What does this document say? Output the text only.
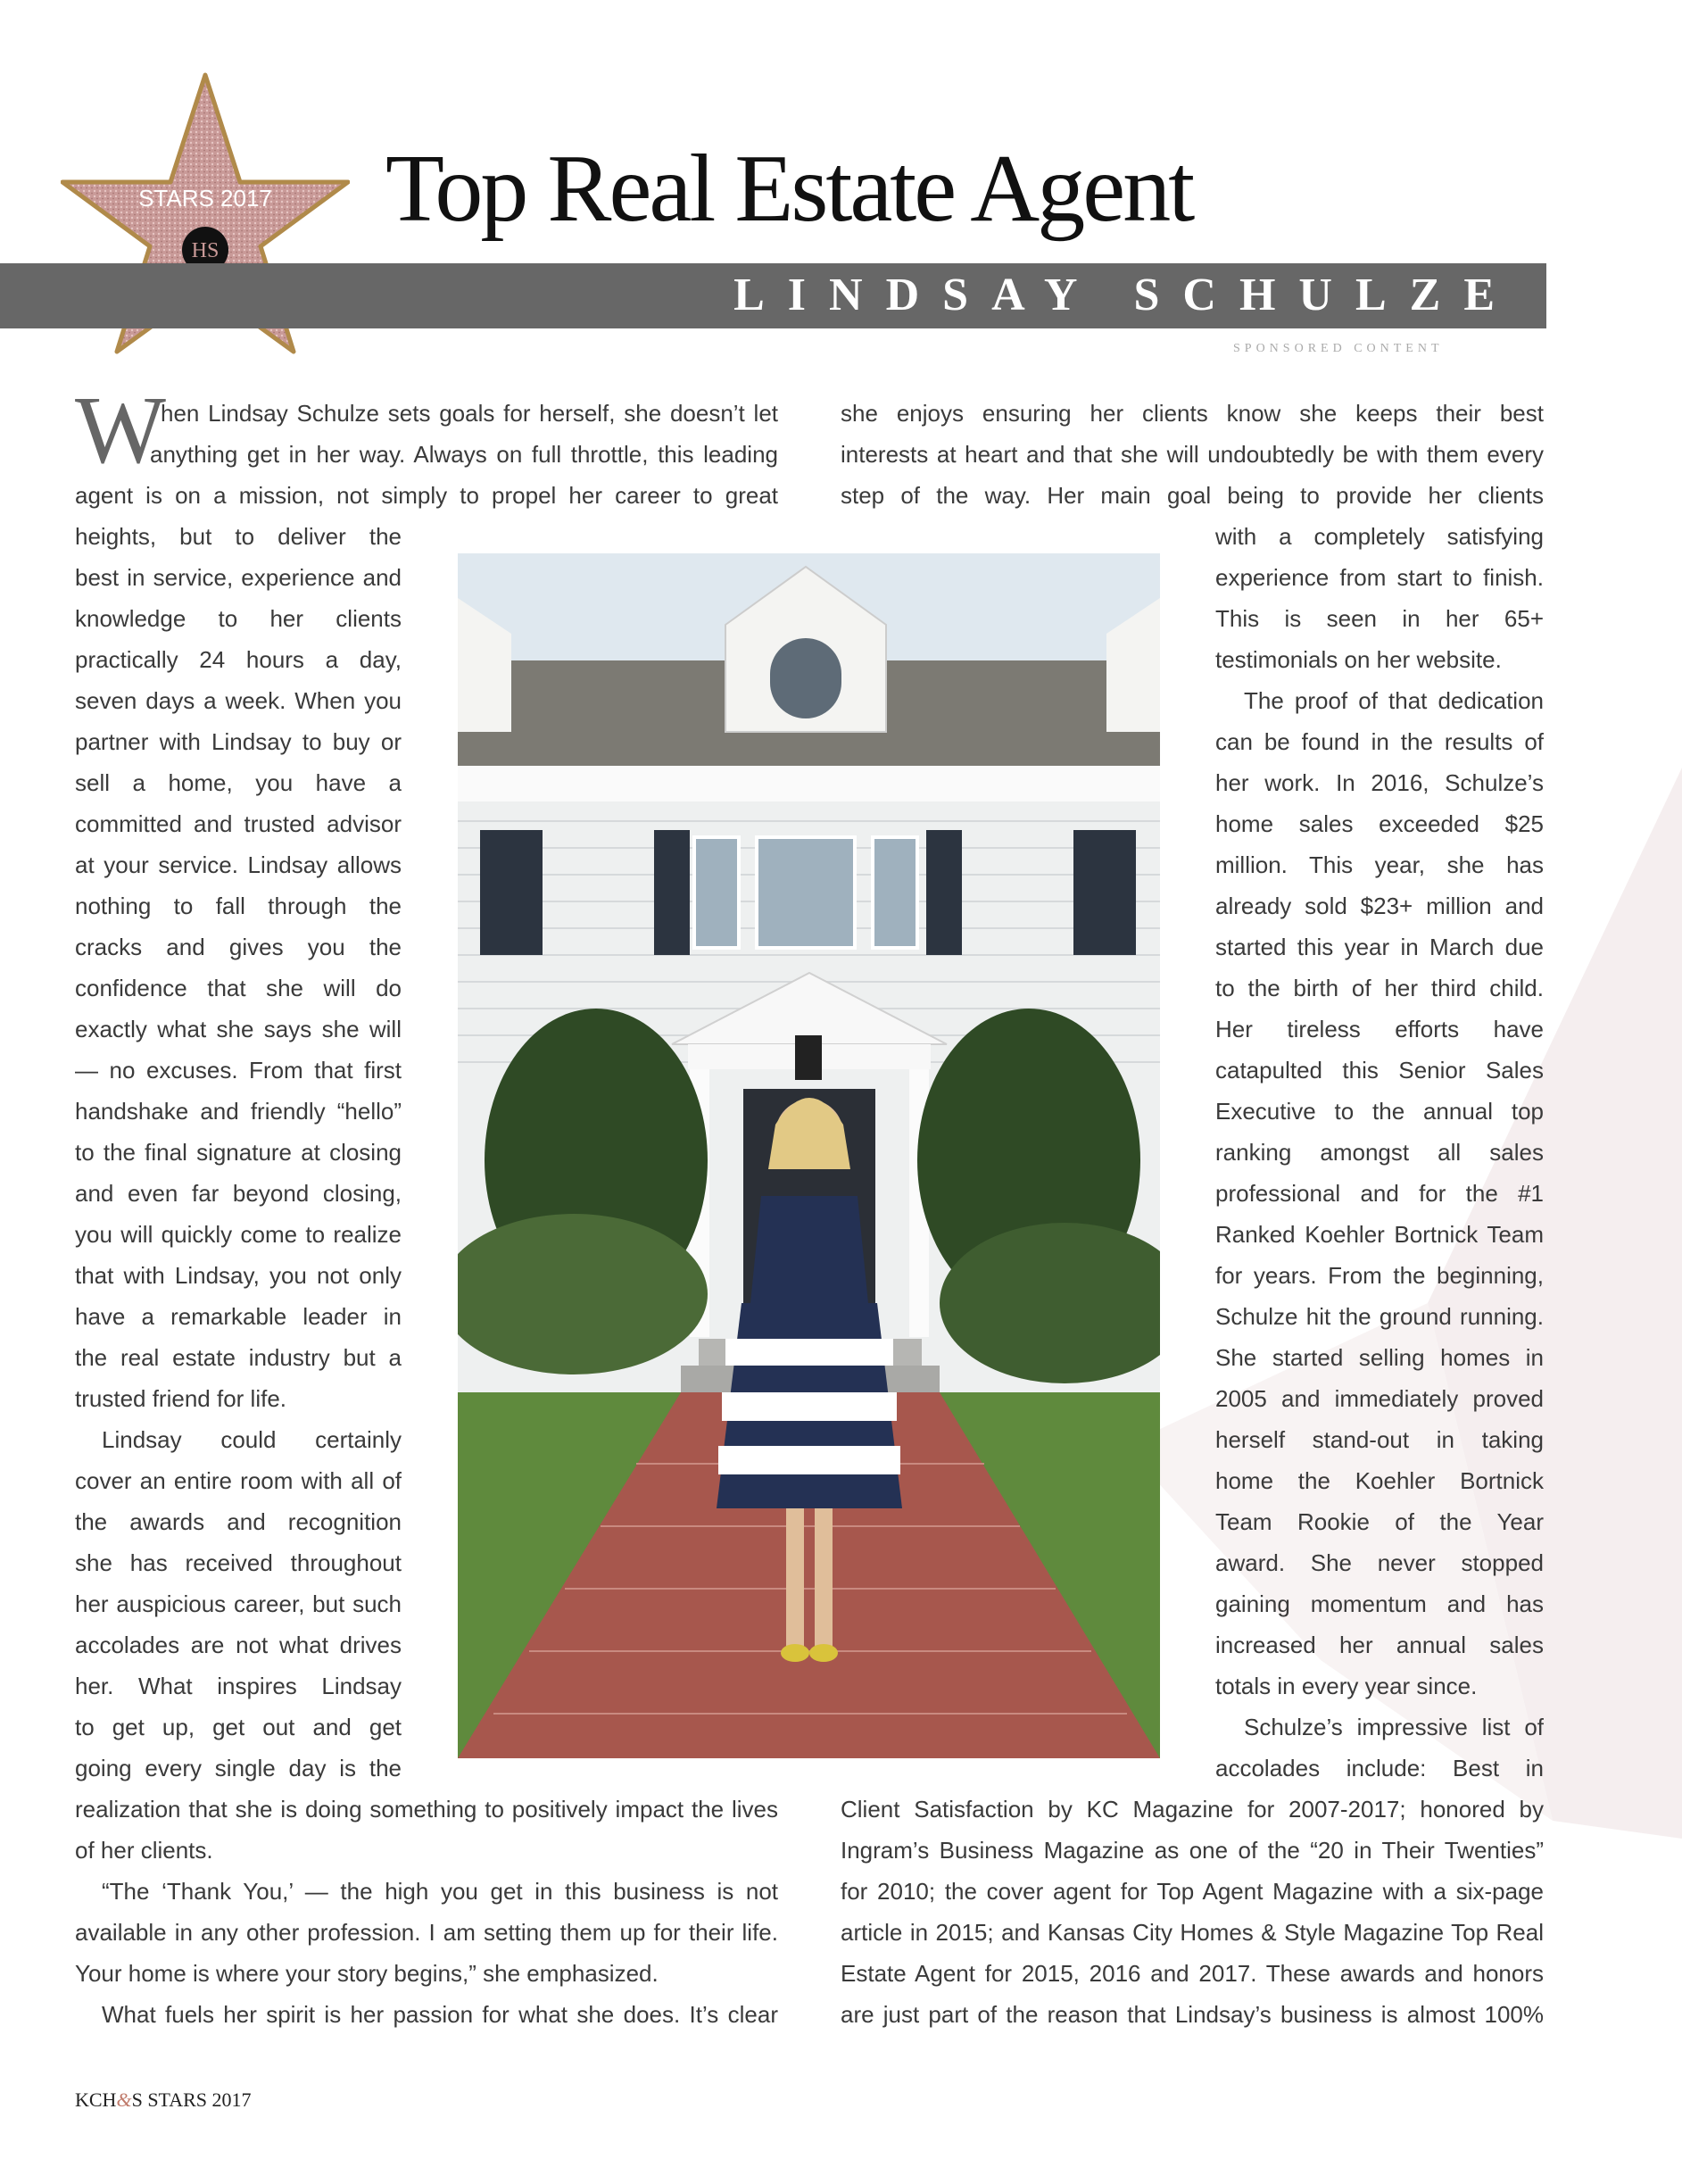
STARS 2017
HS
Top Real Estate Agent
LINDSAY SCHULZE
SPONSORED CONTENT
W
hen Lindsay Schulze sets goals for herself, she doesn’t let
anything get in her way. Always on full throttle, this leading
agent is on a mission, not simply to propel her career to great
heights, but to deliver the
best in service, experience and
knowledge to her clients
practically 24 hours a day,
seven days a week. When you
partner with Lindsay to buy or
sell a home, you have a
committed and trusted advisor
at your service. Lindsay allows
nothing to fall through the
cracks and gives you the
confidence that she will do
exactly what she says she will
— no excuses. From that first
handshake and friendly “hello”
to the final signature at closing
and even far beyond closing,
you will quickly come to realize
that with Lindsay, you not only
have a remarkable leader in
the real estate industry but a
trusted friend for life.
Lindsay could certainly
cover an entire room with all of
the awards and recognition
she has received throughout
her auspicious career, but such
accolades are not what drives
her. What inspires Lindsay
to get up, get out and get
going every single day is the
realization that she is doing something to positively impact the lives
of her clients.
“The ‘Thank You,’ — the high you get in this business is not
available in any other profession. I am setting them up for their life.
Your home is where your story begins,” she emphasized.
What fuels her spirit is her passion for what she does. It’s clear
she enjoys ensuring her clients know she keeps their best
interests at heart and that she will undoubtedly be with them every
step of the way. Her main goal being to provide her clients
with a completely satisfying
experience from start to finish.
This is seen in her 65+
testimonials on her website.
The proof of that dedication
can be found in the results of
her work. In 2016, Schulze’s
home sales exceeded $25
million. This year, she has
already sold $23+ million and
started this year in March due
to the birth of her third child.
Her tireless efforts have
catapulted this Senior Sales
Executive to the annual top
ranking amongst all sales
professional and for the #1
Ranked Koehler Bortnick Team
for years. From the beginning,
Schulze hit the ground running.
She started selling homes in
2005 and immediately proved
herself stand-out in taking
home the Koehler Bortnick
Team Rookie of the Year
award. She never stopped
gaining momentum and has
increased her annual sales
totals in every year since.
Schulze’s impressive list of
accolades include: Best in
Client Satisfaction by KC Magazine for 2007-2017; honored by
Ingram’s Business Magazine as one of the “20 in Their Twenties”
for 2010; the cover agent for Top Agent Magazine with a six-page
article in 2015; and Kansas City Homes & Style Magazine Top Real
Estate Agent for 2015, 2016 and 2017. These awards and honors
are just part of the reason that Lindsay’s business is almost 100%
KCH&S STARS 2017
